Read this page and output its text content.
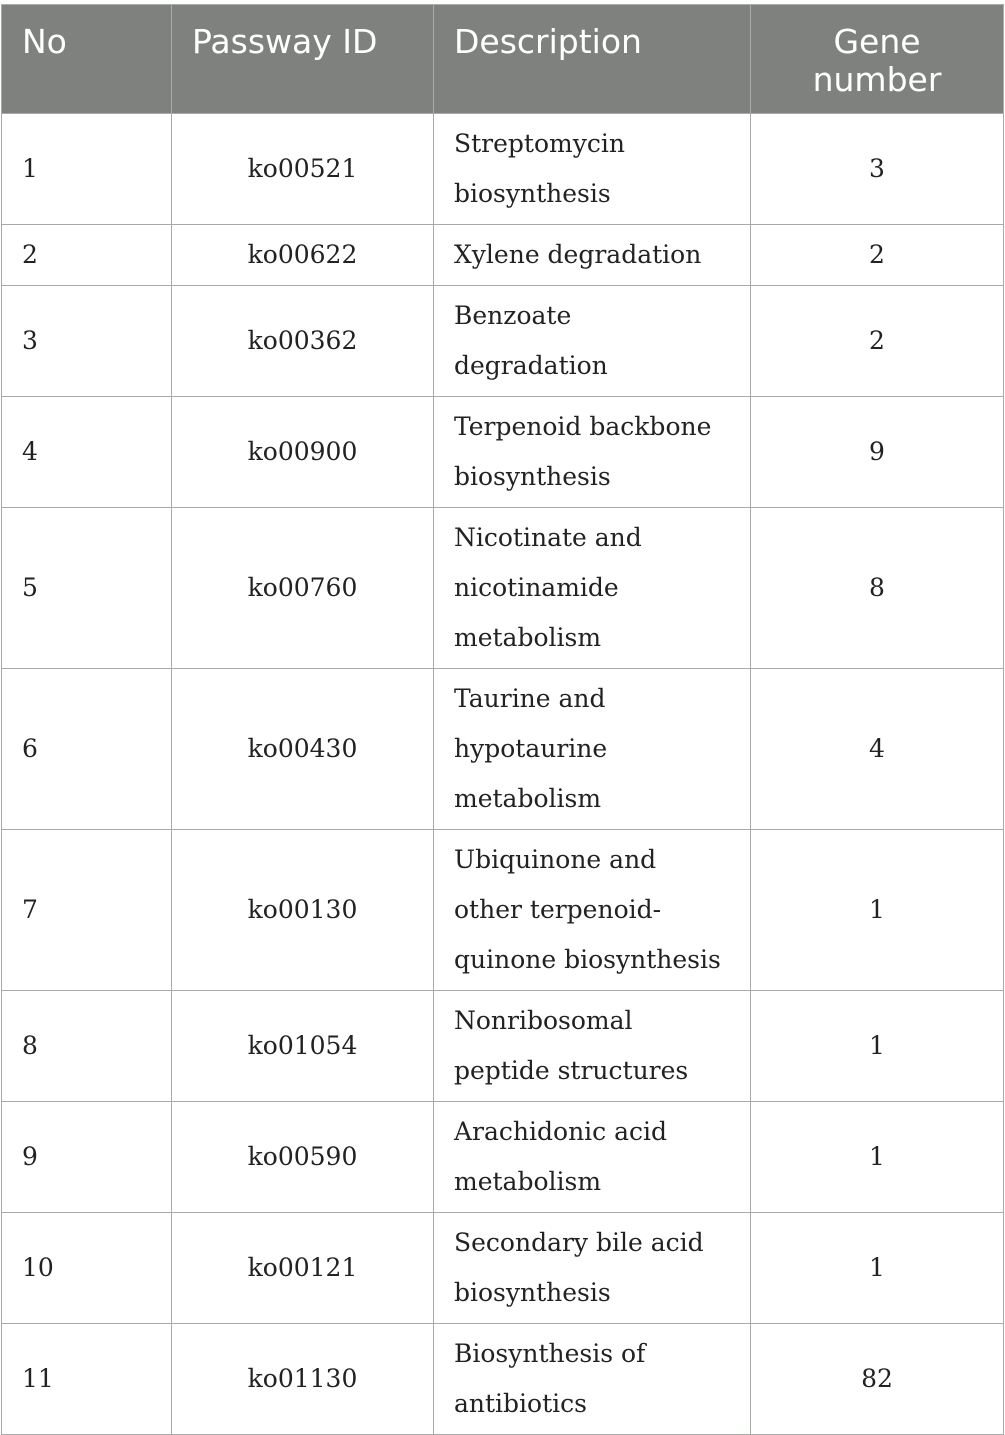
No	Passway ID	Description	Gene number
1	ko00521	Streptomycin biosynthesis	3
2	ko00622	Xylene degradation	2
3	ko00362	Benzoate degradation	2
4	ko00900	Terpenoid backbone biosynthesis	9
5	ko00760	Nicotinate and nicotinamide metabolism	8
6	ko00430	Taurine and hypotaurine metabolism	4
7	ko00130	Ubiquinone and other terpenoid-quinone biosynthesis	1
8	ko01054	Nonribosomal peptide structures	1
9	ko00590	Arachidonic acid metabolism	1
10	ko00121	Secondary bile acid biosynthesis	1
11	ko01130	Biosynthesis of antibiotics	82
